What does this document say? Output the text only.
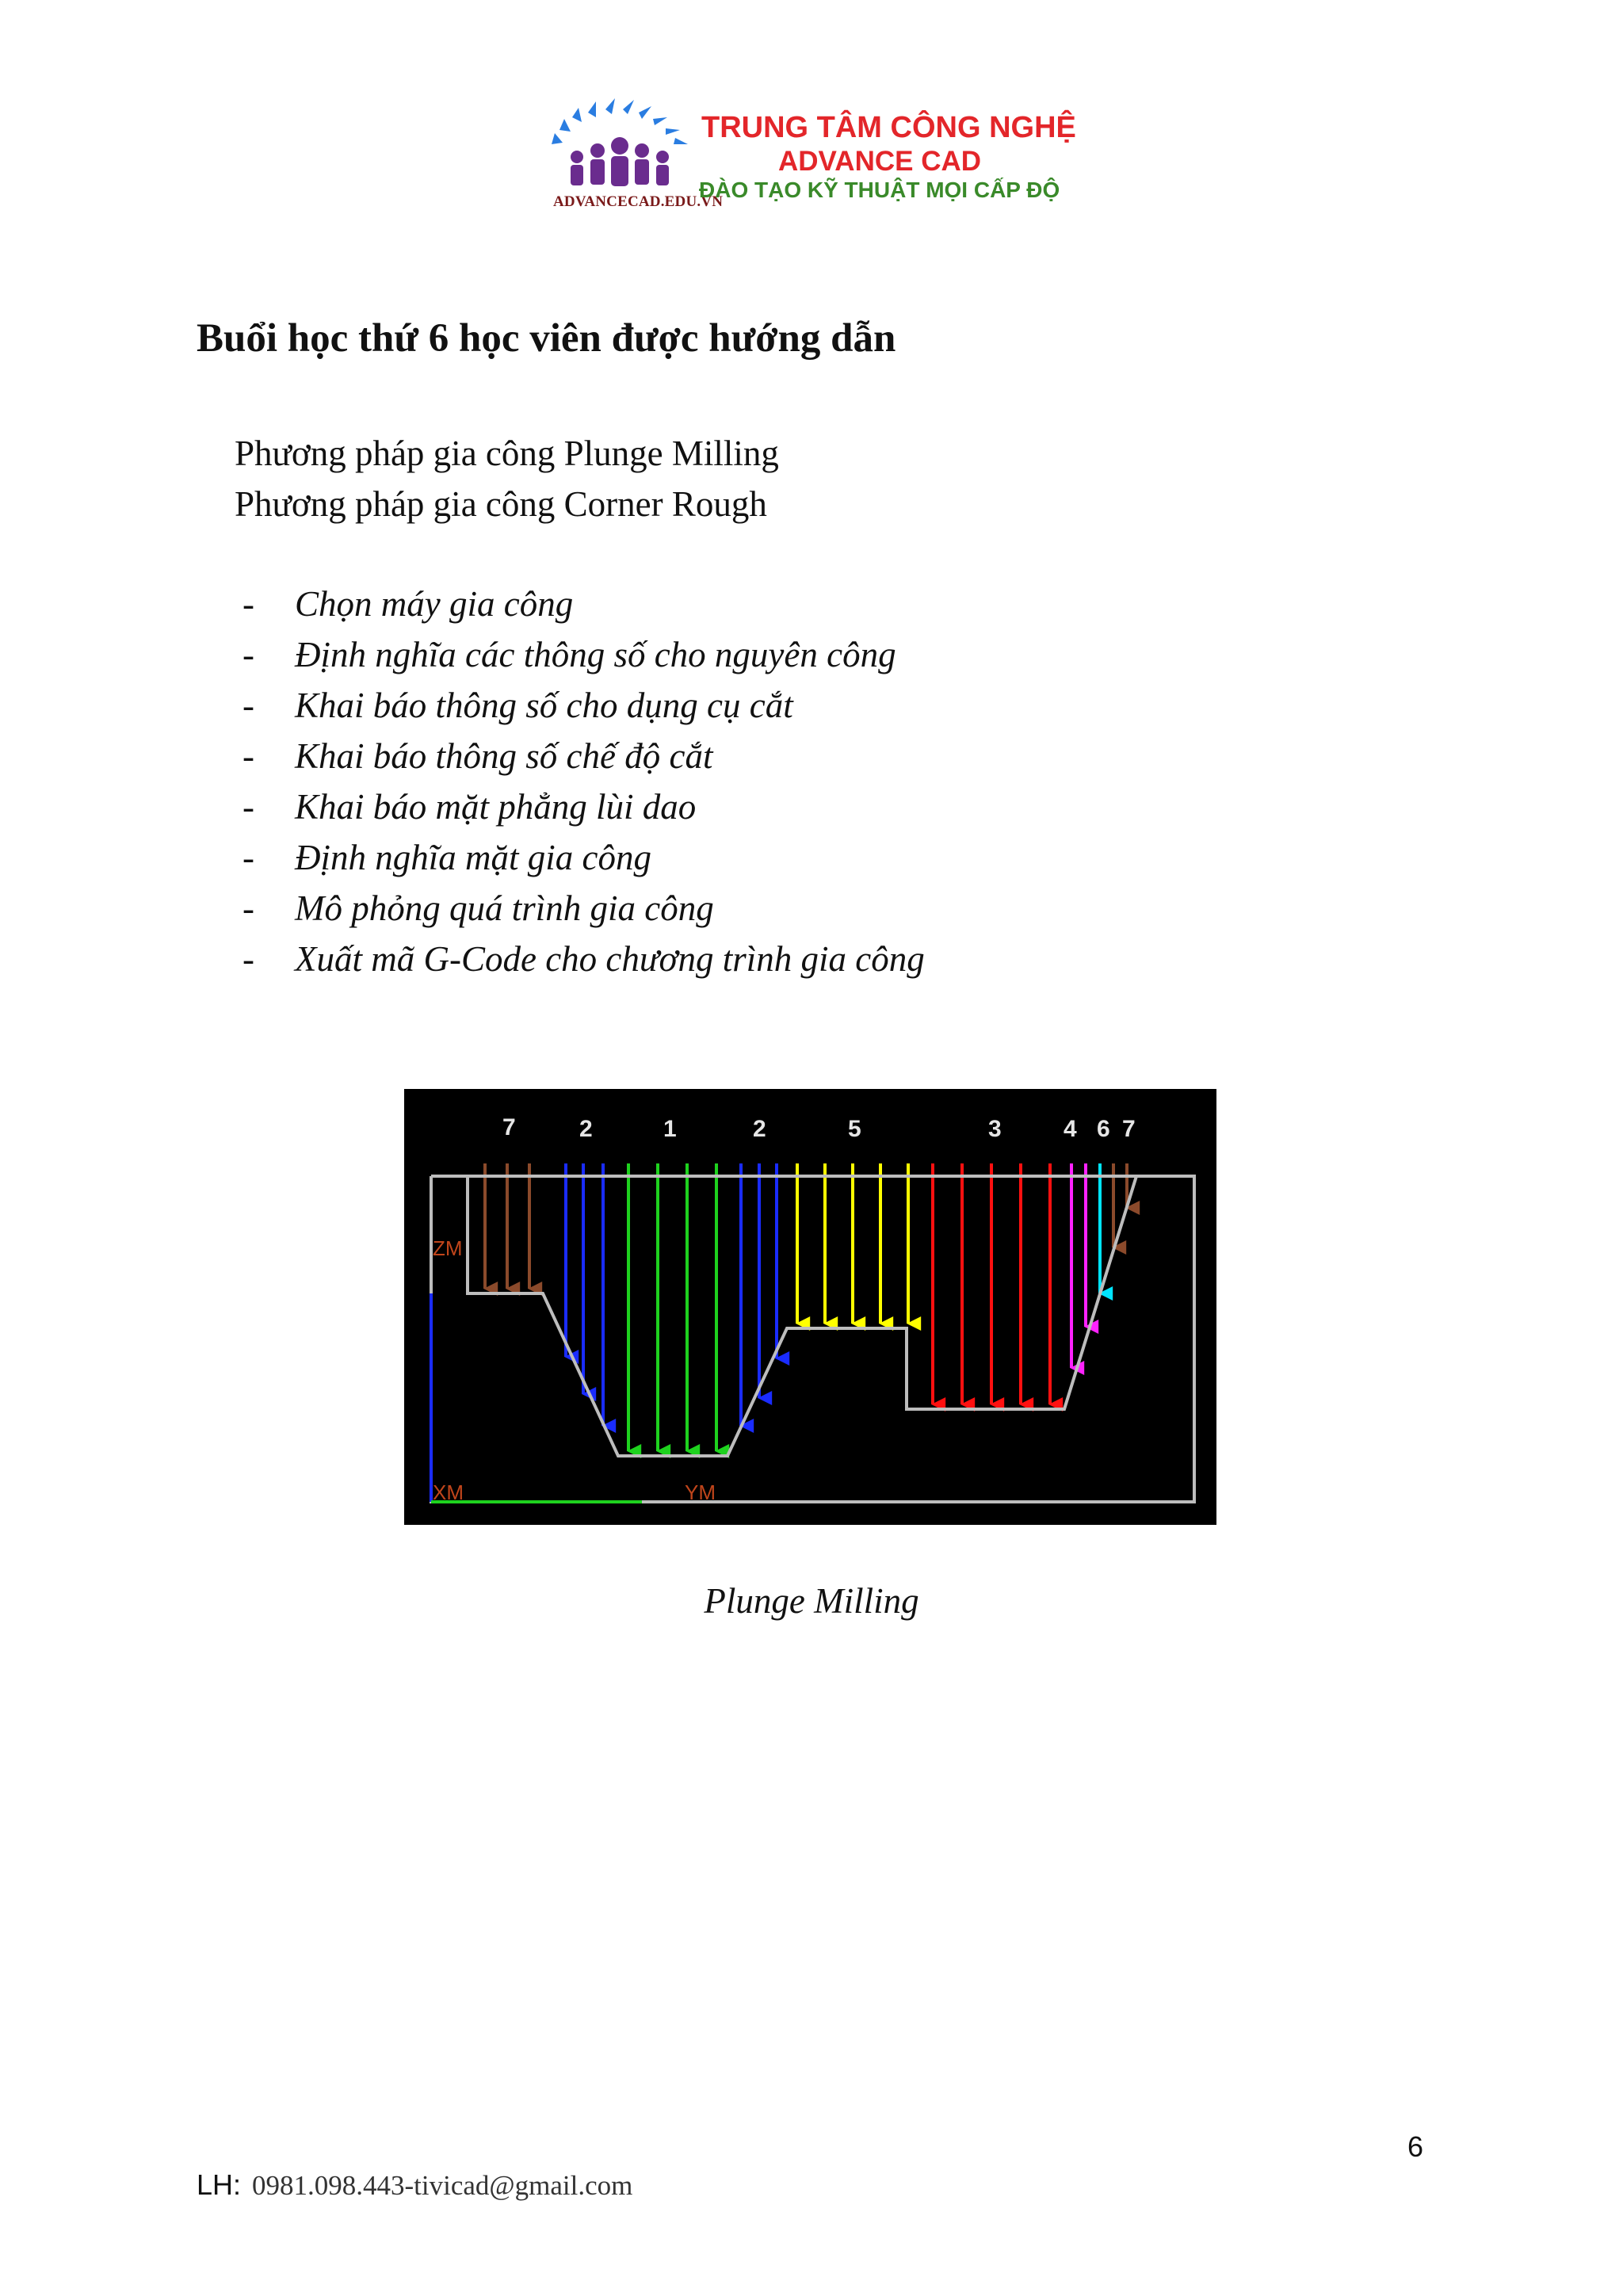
ADVANCECAD.EDU.VN
TRUNG TÂM CÔNG NGHỆ
ADVANCE CAD
ĐÀO TẠO KỸ THUẬT MỌI CẤP ĐỘ
Buổi học thứ 6 học viên được hướng dẫn
Phương pháp gia công Plunge Milling
Phương pháp gia công Corner Rough
- Chọn máy gia công
- Định nghĩa các thông số cho nguyên công
- Khai báo thông số cho dụng cụ cắt
- Khai báo thông số chế độ cắt
- Khai báo mặt phẳng lùi dao
- Định nghĩa mặt gia công
- Mô phỏng quá trình gia công
- Xuất mã G-Code cho chương trình gia công
7	2	1	2	5	3	4 6 7
ZM
XM	YM
Plunge Milling
6
LH: 0981.098.443-tivicad@gmail.com
